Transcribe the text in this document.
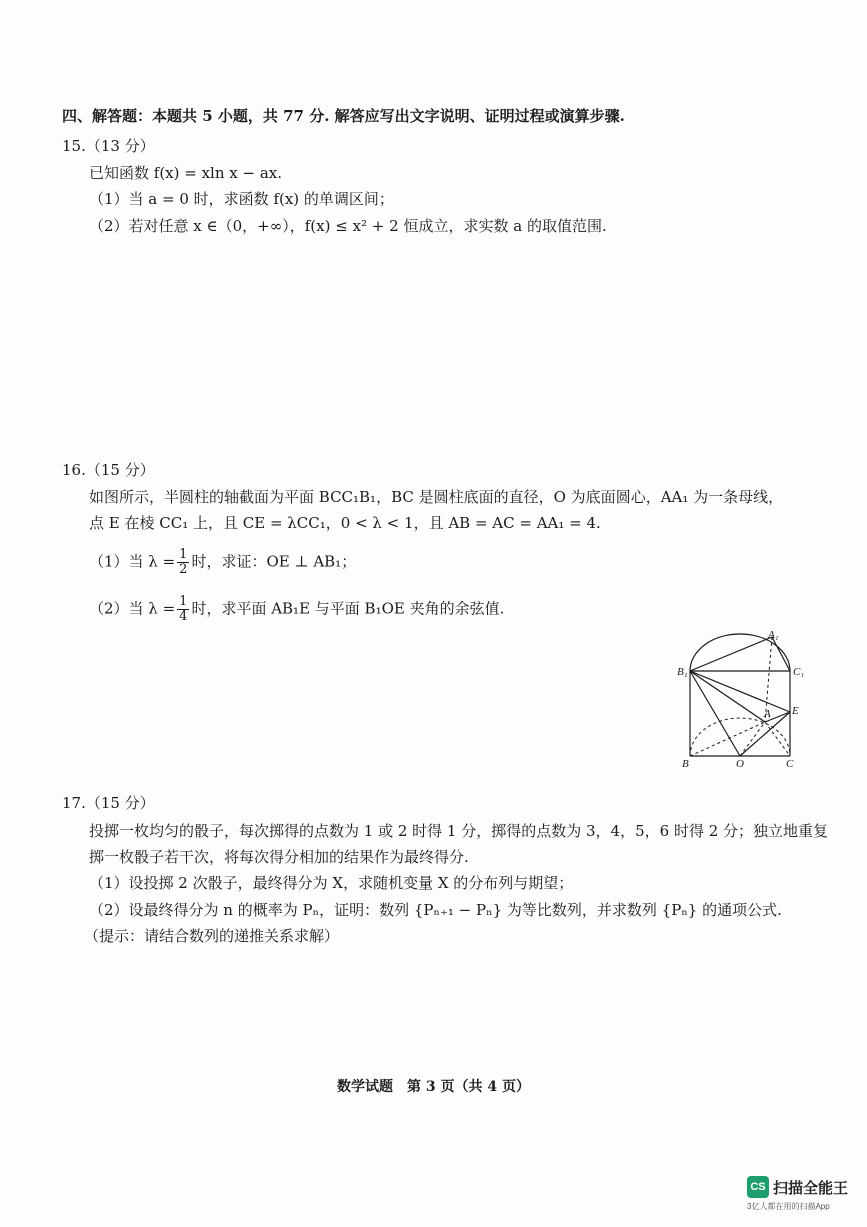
四、解答题：本题共 5 小题，共 77 分. 解答应写出文字说明、证明过程或演算步骤.
15.（13 分）
已知函数 f(x) = xln x − ax.
（1）当 a = 0 时，求函数 f(x) 的单调区间；
（2）若对任意 x ∈（0，+∞），f(x) ≤ x² + 2 恒成立，求实数 a 的取值范围.
16.（15 分）
如图所示，半圆柱的轴截面为平面 BCC₁B₁，BC 是圆柱底面的直径，O 为底面圆心，AA₁ 为一条母线，
点 E 在棱 CC₁ 上，且 CE = λCC₁，0 < λ < 1，且 AB = AC = AA₁ = 4.
（1）当 $\lambda = \frac{1}{2}$ 时，求证：OE ⊥ AB₁；
（2）当 $\lambda = \frac{1}{4}$ 时，求平面 AB₁E 与平面 B₁OE 夹角的余弦值.
A₁
B₁	C₁
A E
B	O	C
17.（15 分）
投掷一枚均匀的骰子，每次掷得的点数为 1 或 2 时得 1 分，掷得的点数为 3，4，5，6 时得 2 分；独立地重复
掷一枚骰子若干次，将每次得分相加的结果作为最终得分.
（1）设投掷 2 次骰子，最终得分为 X，求随机变量 X 的分布列与期望；
（2）设最终得分为 n 的概率为 Pₙ，证明：数列 {Pₙ₊₁ − Pₙ} 为等比数列，并求数列 {Pₙ} 的通项公式.
（提示：请结合数列的递推关系求解）
数学试题　第 3 页（共 4 页）
CS 扫描全能王
3亿人都在用的扫描App
